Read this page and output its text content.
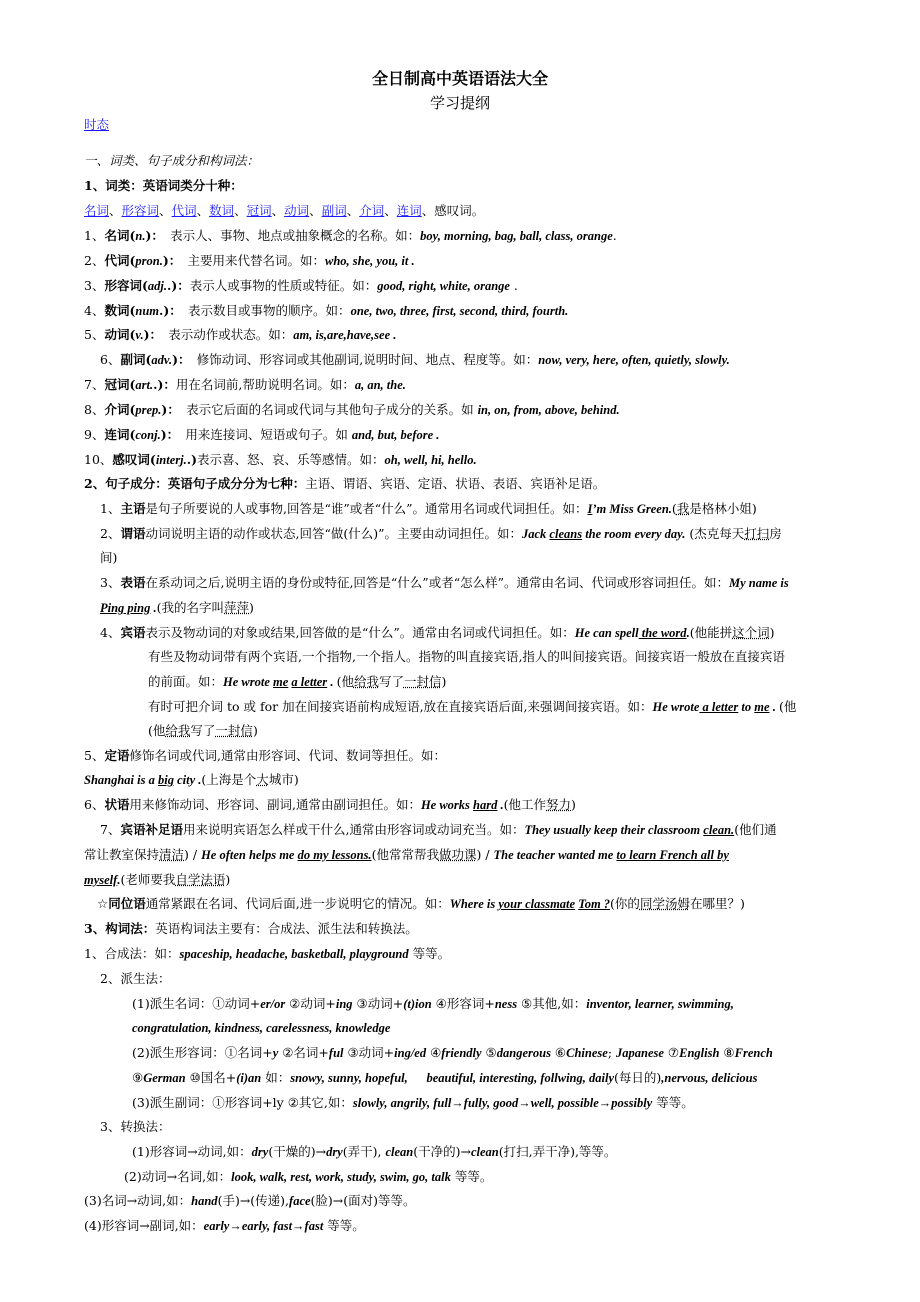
全日制高中英语语法大全
学习提纲
时态
一、词类、句子成分和构词法：
1、词类：英语词类分十种：
名词、形容词、代词、数词、冠词、动词、副词、介词、连词、感叹词。
1、名词(n.)：　表示人、事物、地点或抽象概念的名称。如：boy, morning, bag, ball, class, orange.
2、代词(pron.)：　主要用来代替名词。如：who, she, you, it .
3、形容词(adj..)：表示人或事物的性质或特征。如：good, right, white, orange .
4、数词(num.)：　表示数目或事物的顺序。如：one, two, three, first, second, third, fourth.
5、动词(v.)：　表示动作或状态。如：am, is,are,have,see .
6、副词(adv.)：　修饰动词、形容词或其他副词,说明时间、地点、程度等。如：now, very, here, often, quietly, slowly.
7、冠词(art..)：用在名词前,帮助说明名词。如：a, an, the.
8、介词(prep.)：　表示它后面的名词或代词与其他句子成分的关系。如 in, on, from, above, behind.
9、连词(conj.)：　用来连接词、短语或句子。如 and, but, before .
10、感叹词(interj..)表示喜、怒、哀、乐等感情。如：oh, well, hi, hello.
2、句子成分：英语句子成分分为七种：主语、谓语、宾语、定语、状语、表语、宾语补足语。
1、主语是句子所要说的人或事物,回答是“谁”或者“什么”。通常用名词或代词担任。如：I’m Miss Green.(我是格林小姐)
2、谓语动词说明主语的动作或状态,回答“做(什么)”。主要由动词担任。如：Jack cleans the room every day. (杰克每天打扫房
间)
3、表语在系动词之后,说明主语的身份或特征,回答是“什么”或者“怎么样”。通常由名词、代词或形容词担任。如：My name is
Ping ping .(我的名字叫萍萍)
4、宾语表示及物动词的对象或结果,回答做的是“什么”。通常由名词或代词担任。如：He can spell the word.(他能拼这个词)
有些及物动词带有两个宾语,一个指物,一个指人。指物的叫直接宾语,指人的叫间接宾语。间接宾语一般放在直接宾语
的前面。如：He wrote me a letter . (他给我写了一封信)
有时可把介词 to 或 for 加在间接宾语前构成短语,放在直接宾语后面,来强调间接宾语。如：He wrote a letter to me . (他
(他给我写了一封信)
5、定语修饰名词或代词,通常由形容词、代词、数词等担任。如：
Shanghai is a big city .(上海是个大城市)
6、状语用来修饰动词、形容词、副词,通常由副词担任。如：He works hard .(他工作努力)
7、宾语补足语用来说明宾语怎么样或干什么,通常由形容词或动词充当。如：They usually keep their classroom clean.(他们通
常让教室保持清洁) / He often helps me do my lessons.(他常常帮我做功课) / The teacher wanted me to learn French all by
myself.(老师要我自学法语)
☆同位语通常紧跟在名词、代词后面,进一步说明它的情况。如：Where is your classmate Tom ?(你的同学汤姆在哪里？)
3、构词法：英语构词法主要有：合成法、派生法和转换法。
1、合成法：如：spaceship, headache, basketball, playground 等等。
2、派生法：
(1)派生名词：①动词+er/or ②动词+ing ③动词+(t)ion ④形容词+ness ⑤其他,如：inventor, learner, swimming,
congratulation, kindness, carelessness, knowledge
(2)派生形容词：①名词+y ②名词+ful ③动词+ing/ed ④friendly ⑤dangerous ⑥Chinese; Japanese ⑦English ⑧French
⑨German ⑩国名+(i)an 如：snowy, sunny, hopeful,      beautiful, interesting, follwing, daily(每日的),nervous, delicious
(3)派生副词：①形容词+ly ②其它,如：slowly, angrily, full→fully, good→well, possible→possibly 等等。
3、转换法：
(1)形容词→动词,如：dry(干燥的)→dry(弄干), clean(干净的)→clean(打扫,弄干净),等等。
(2)动词→名词,如：look, walk, rest, work, study, swim, go, talk 等等。
(3)名词→动词,如：hand(手)→(传递),face(脸)→(面对)等等。
(4)形容词→副词,如：early→early, fast→fast 等等。
